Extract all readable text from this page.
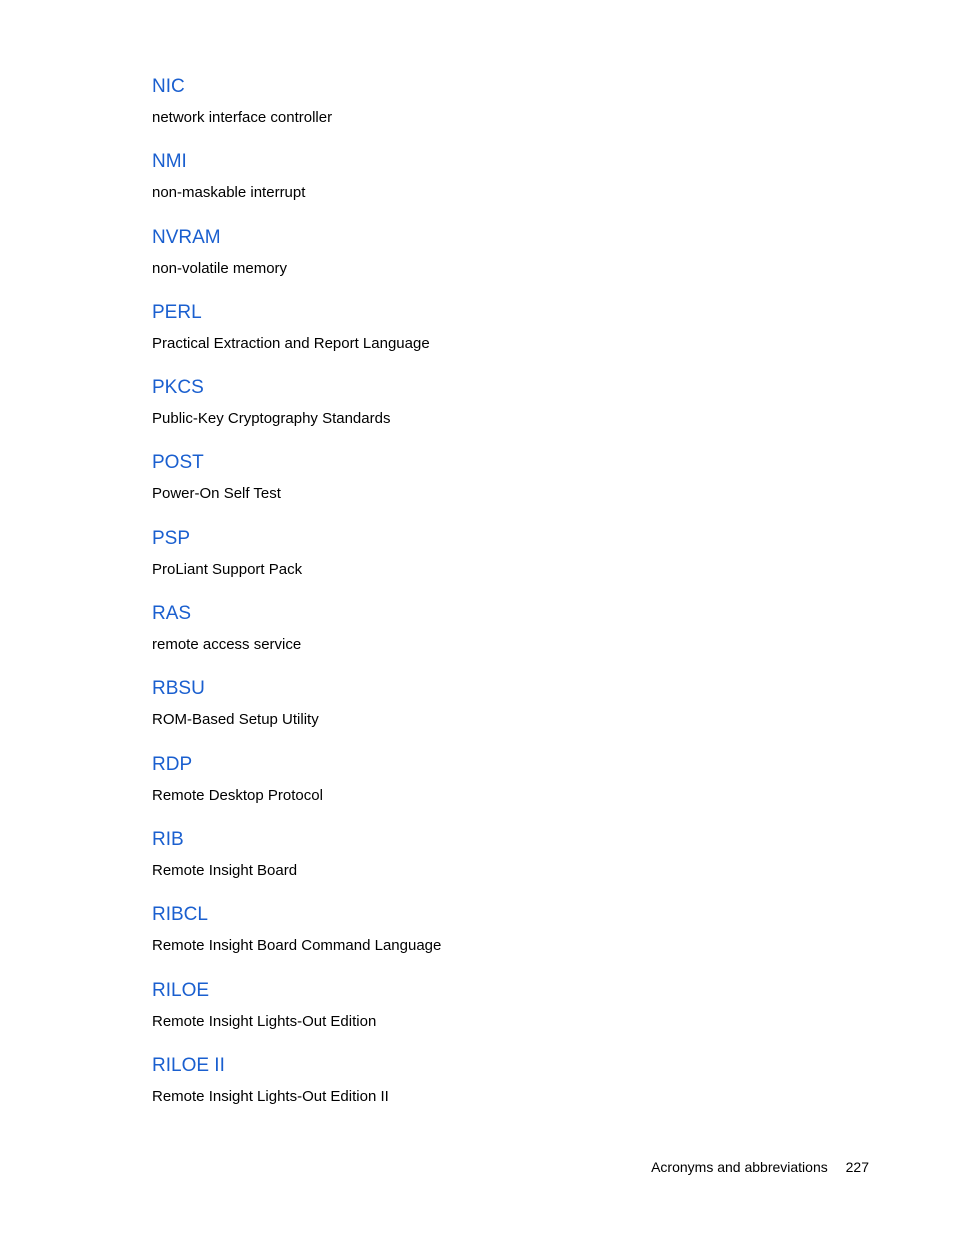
NIC
network interface controller
NMI
non-maskable interrupt
NVRAM
non-volatile memory
PERL
Practical Extraction and Report Language
PKCS
Public-Key Cryptography Standards
POST
Power-On Self Test
PSP
ProLiant Support Pack
RAS
remote access service
RBSU
ROM-Based Setup Utility
RDP
Remote Desktop Protocol
RIB
Remote Insight Board
RIBCL
Remote Insight Board Command Language
RILOE
Remote Insight Lights-Out Edition
RILOE II
Remote Insight Lights-Out Edition II
Acronyms and abbreviations 227
